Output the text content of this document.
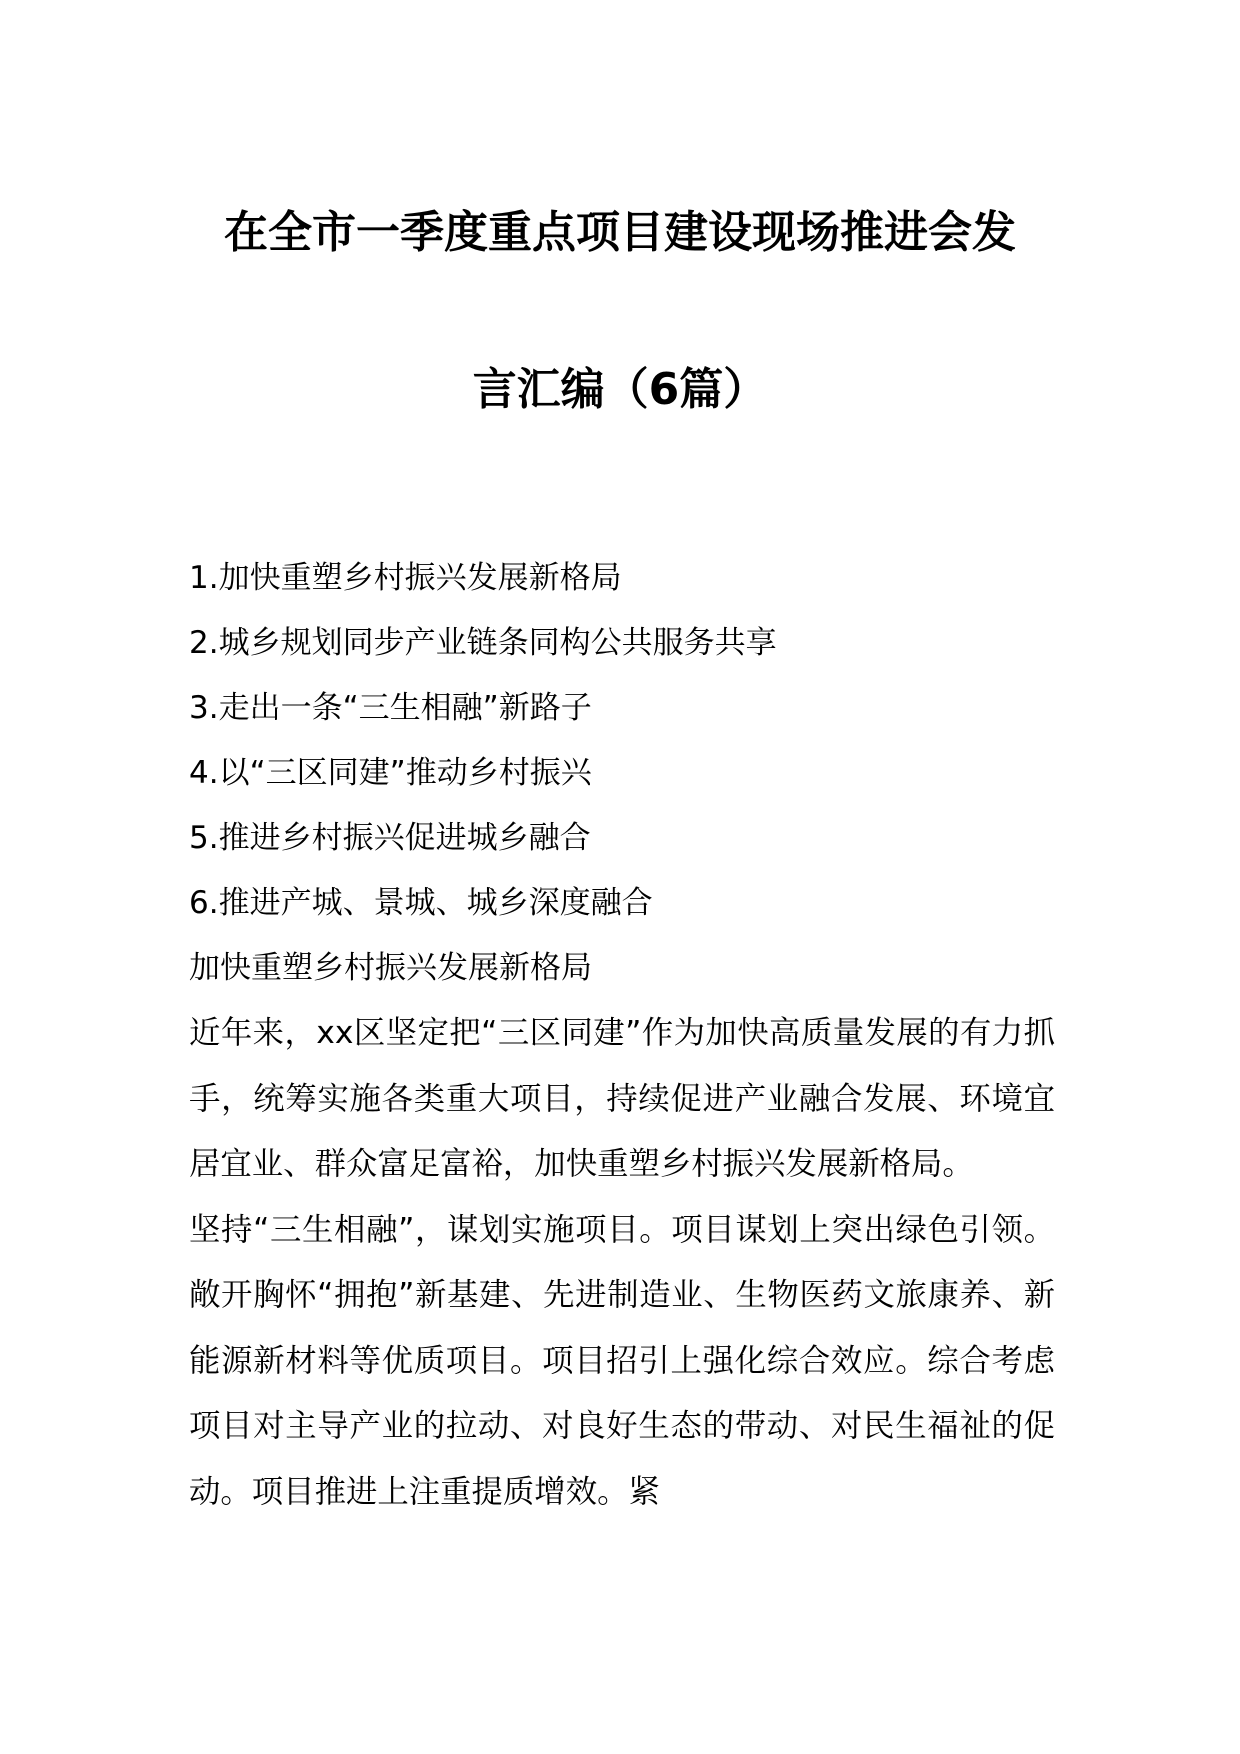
在全市一季度重点项目建设现场推进会发
言汇编（6篇）
1.加快重塑乡村振兴发展新格局
2.城乡规划同步产业链条同构公共服务共享
3.走出一条“三生相融”新路子
4.以“三区同建”推动乡村振兴
5.推进乡村振兴促进城乡融合
6.推进产城、景城、城乡深度融合

加快重塑乡村振兴发展新格局

近年来，xx区坚定把“三区同建”作为加快高质量发展的有力抓手，统筹实施各类重大项目，持续促进产业融合发展、环境宜居宜业、群众富足富裕，加快重塑乡村振兴发展新格局。

坚持“三生相融”，谋划实施项目。项目谋划上突出绿色引领。敞开胸怀“拥抱”新基建、先进制造业、生物医药文旅康养、新能源新材料等优质项目。项目招引上强化综合效应。综合考虑项目对主导产业的拉动、对良好生态的带动、对民生福祉的促动。项目推进上注重提质增效。紧
